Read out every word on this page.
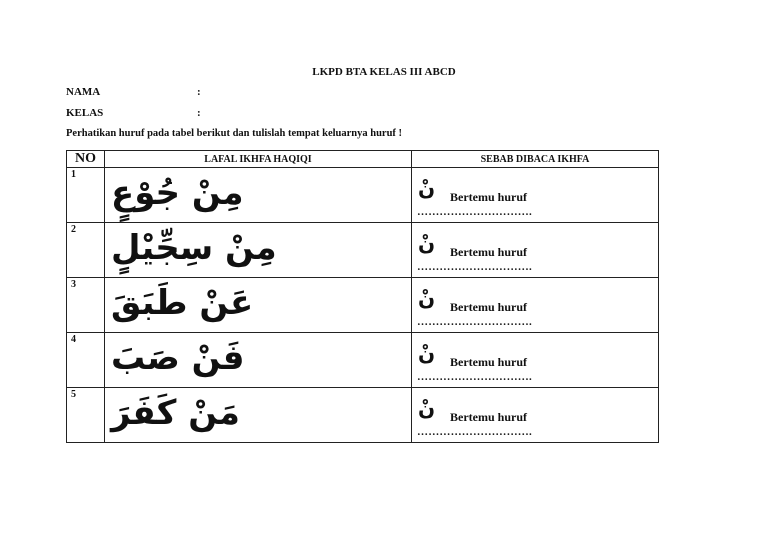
LKPD BTA KELAS III ABCD
NAMA	:
KELAS	:
Perhatikan huruf pada tabel berikut dan tulislah tempat keluarnya huruf !
NO	LAFAL IKHFA HAQIQI	SEBAB DIBACA IKHFA

1	مِنْ جُوْعٍ	نْ Bertemu huruf
………………………….

2	مِنْ سِجِّيْلٍ	نْ Bertemu huruf
………………………….

3	عَنْ طَبَقَ	نْ Bertemu huruf
………………………….

4	فَنْ صَبَ	نْ Bertemu huruf
………………………….

5	مَنْ كَفَرَ	نْ Bertemu huruf
………………………….
